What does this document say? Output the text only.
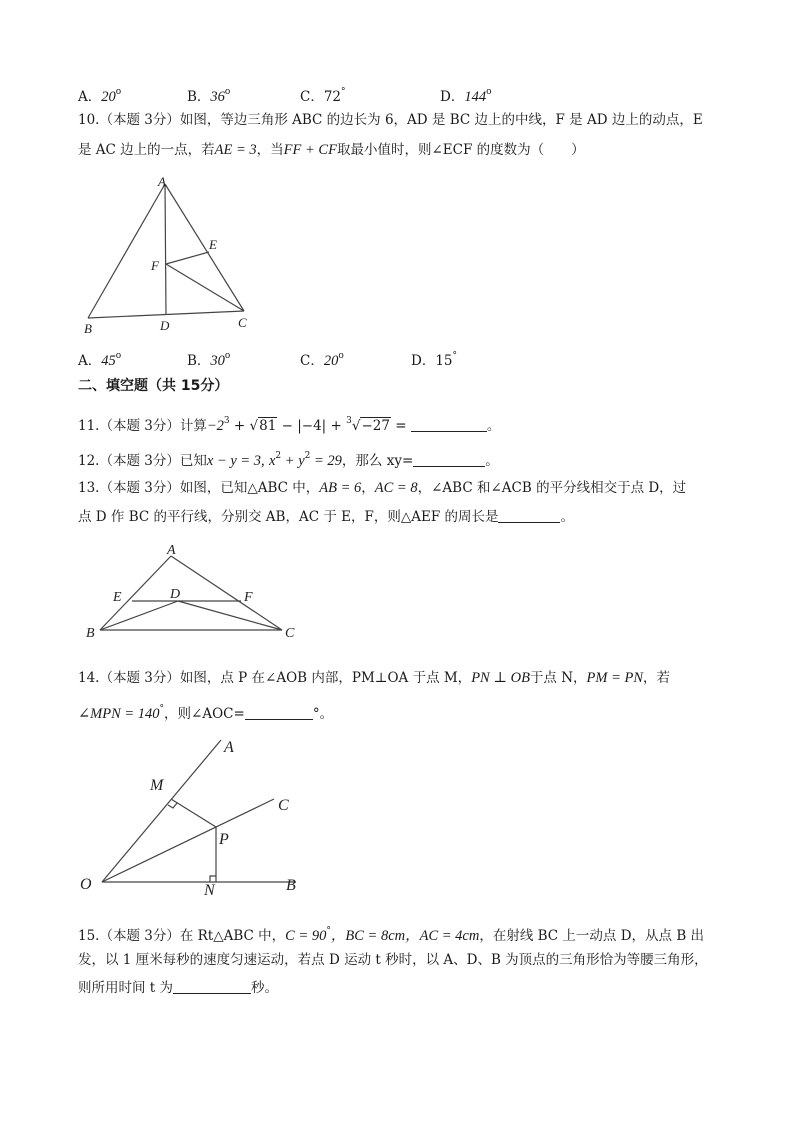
A．20$^o$	B．36$^o$	C．72°	D．144$^o$
10.（本题 3分）如图，等边三角形 ABC 的边长为 6，AD 是 BC 边上的中线，F 是 AD 边上的动点，E
是 AC 边上的一点，若AE = 3，当FF + CF取最小值时，则∠ECF 的度数为（　　）
A
B	C
D
E
F
A．45$^o$	B．30$^o$	C．20$^o$	D．15°
二、填空题（共 15分）
11.（本题 3分）计算$-2^3 + √81 - |-4| + ^3√-27$ =	。
12.（本题 3分）已知x − y = 3, $x^2 + y^2 = 29$，那么 xy=	。
13.（本题 3分）如图，已知△ABC 中，AB = 6，AC = 8，∠ABC 和∠ACB 的平分线相交于点 D，过
点 D 作 BC 的平行线，分别交 AB，AC 于 E，F，则△AEF 的周长是	。
A
B	C
D
E	F
14.（本题 3分）如图，点 P 在∠AOB 内部，PM⊥OA 于点 M，PN ⊥ OB于点 N，PM = PN，若
∠MPN = 140°，则∠AOC=	°。
A
B
C
M
N
O
P
15.（本题 3分）在 Rt△ABC 中，C = 90°，BC = 8cm，AC = 4cm，在射线 BC 上一动点 D，从点 B 出
发，以 1 厘米每秒的速度匀速运动，若点 D 运动 t 秒时，以 A、D、B 为顶点的三角形恰为等腰三角形，
则所用时间 t 为	秒。
